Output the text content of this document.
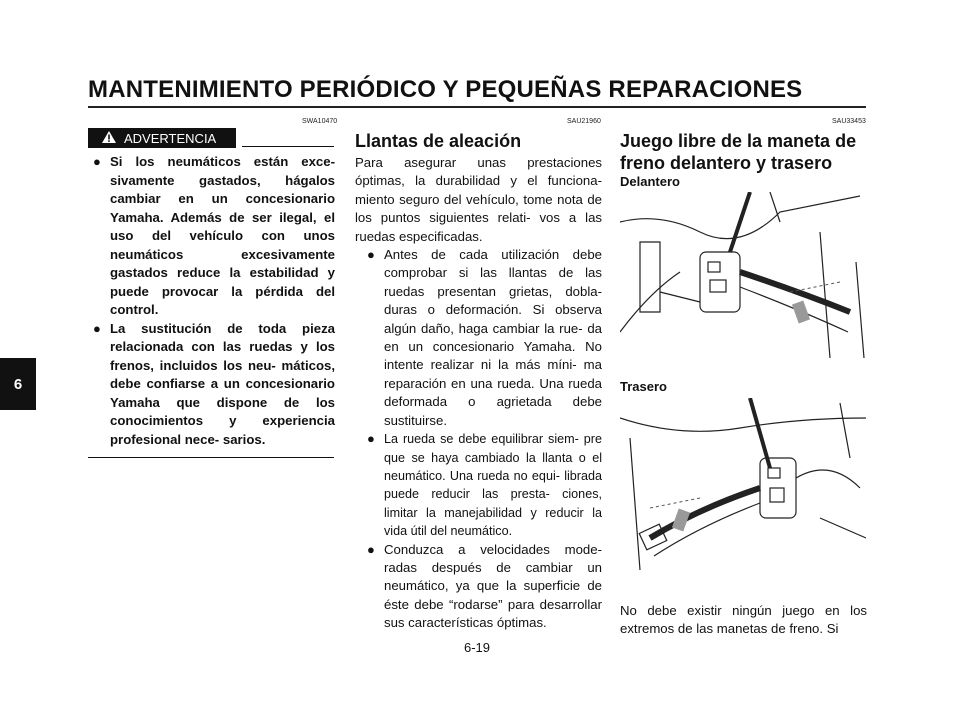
MANTENIMIENTO PERIÓDICO Y PEQUEÑAS REPARACIONES
6
SWA10470
ADVERTENCIA
● Si los neumáticos están exce- sivamente gastados, hágalos cambiar en un concesionario Yamaha. Además de ser ilegal, el uso del vehículo con unos neumáticos excesivamente gastados reduce la estabilidad y puede provocar la pérdida del control.
● La sustitución de toda pieza relacionada con las ruedas y los frenos, incluidos los neu- máticos, debe confiarse a un concesionario Yamaha que dispone de los conocimientos y experiencia profesional nece- sarios.
SAU21960
Llantas de aleación
Para asegurar unas prestaciones óptimas, la durabilidad y el funciona- miento seguro del vehículo, tome nota de los puntos siguientes relati- vos a las ruedas especificadas.
● Antes de cada utilización debe comprobar si las llantas de las ruedas presentan grietas, dobla- duras o deformación. Si observa algún daño, haga cambiar la rue- da en un concesionario Yamaha. No intente realizar ni la más míni- ma reparación en una rueda. Una rueda deformada o agrietada debe sustituirse.
● La rueda se debe equilibrar siem- pre que se haya cambiado la llanta o el neumático. Una rueda no equi- librada puede reducir las presta- ciones, limitar la manejabilidad y reducir la vida útil del neumático.
● Conduzca a velocidades mode- radas después de cambiar un neumático, ya que la superficie de éste debe “rodarse” para desarrollar sus características óptimas.
SAU33453
Juego libre de la maneta de freno delantero y trasero
Delantero
Trasero
No debe existir ningún juego en los extremos de las manetas de freno. Si
6-19
